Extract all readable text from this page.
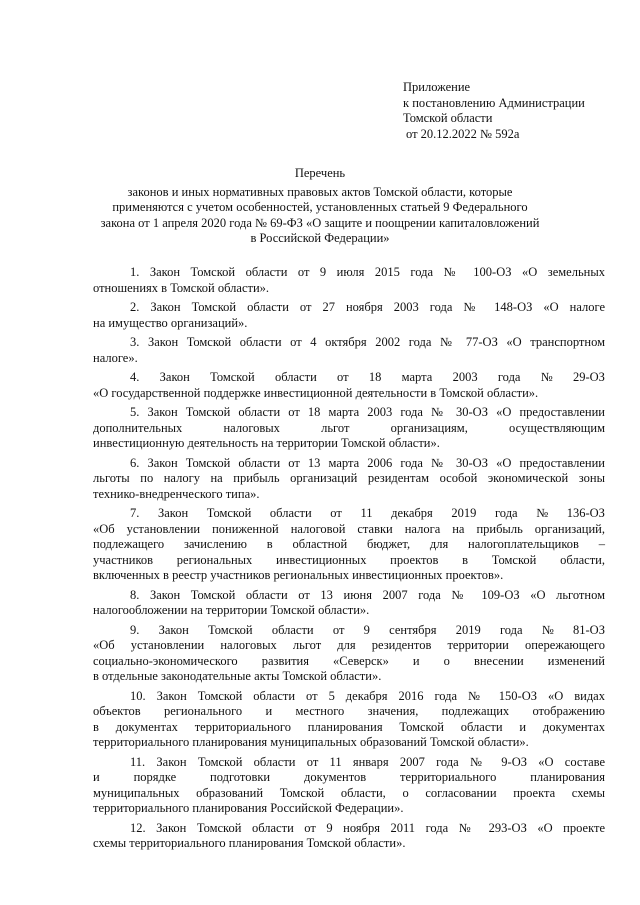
Приложение
к постановлению Администрации
Томской области
от 20.12.2022 № 592а
Перечень
законов и иных нормативных правовых актов Томской области, которые
применяются с учетом особенностей, установленных статьей 9 Федерального
закона от 1 апреля 2020 года № 69-ФЗ «О защите и поощрении капиталовложений
в Российской Федерации»
1. Закон Томской области от 9 июля 2015 года № 100-ОЗ «О земельных
отношениях в Томской области».
2. Закон Томской области от 27 ноября 2003 года № 148-ОЗ «О налоге
на имущество организаций».
3. Закон Томской области от 4 октября 2002 года № 77-ОЗ «О транспортном
налоге».
4. Закон Томской области от 18 марта 2003 года № 29-ОЗ
«О государственной поддержке инвестиционной деятельности в Томской области».
5. Закон Томской области от 18 марта 2003 года № 30-ОЗ «О предоставлении
дополнительных налоговых льгот организациям, осуществляющим
инвестиционную деятельность на территории Томской области».
6. Закон Томской области от 13 марта 2006 года № 30-ОЗ «О предоставлении
льготы по налогу на прибыль организаций резидентам особой экономической зоны
технико-внедренческого типа».
7. Закон Томской области от 11 декабря 2019 года № 136-ОЗ
«Об установлении пониженной налоговой ставки налога на прибыль организаций,
подлежащего зачислению в областной бюджет, для налогоплательщиков –
участников региональных инвестиционных проектов в Томской области,
включенных в реестр участников региональных инвестиционных проектов».
8. Закон Томской области от 13 июня 2007 года № 109-ОЗ «О льготном
налогообложении на территории Томской области».
9. Закон Томской области от 9 сентября 2019 года № 81-ОЗ
«Об установлении налоговых льгот для резидентов территории опережающего
социально-экономического развития «Северск» и о внесении изменений
в отдельные законодательные акты Томской области».
10. Закон Томской области от 5 декабря 2016 года № 150-ОЗ «О видах
объектов регионального и местного значения, подлежащих отображению
в документах территориального планирования Томской области и документах
территориального планирования муниципальных образований Томской области».
11. Закон Томской области от 11 января 2007 года № 9-ОЗ «О составе
и порядке подготовки документов территориального планирования
муниципальных образований Томской области, о согласовании проекта схемы
территориального планирования Российской Федерации».
12. Закон Томской области от 9 ноября 2011 года № 293-ОЗ «О проекте
схемы территориального планирования Томской области».
